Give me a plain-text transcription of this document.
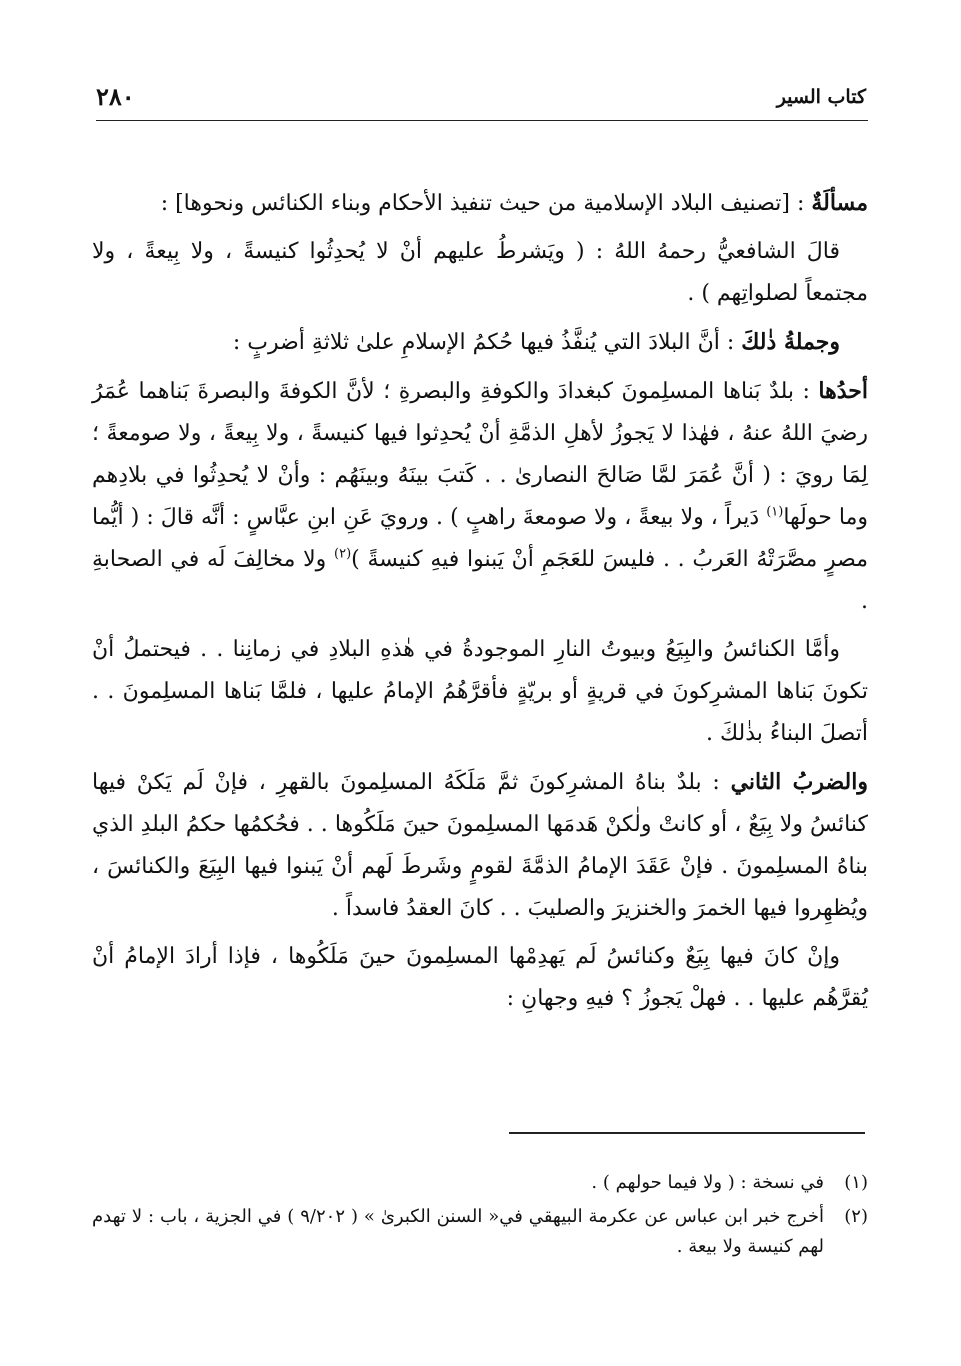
كتاب السير
٢٨٠

مسألَةٌ : [تصنيف البلاد الإسلامية من حيث تنفيذ الأحكام وبناء الكنائس ونحوها] :

قالَ الشافعيُّ رحمهُ اللهُ : ( ويَشرطُ عليهم أنْ لا يُحدِثُوا كنيسةً ، ولا بِيعةً ، ولا مجتمعاً لصلواتِهم ) .

وجملةُ ذٰلكَ : أنَّ البلادَ التي يُنفَّذُ فيها حُكمُ الإسلامِ علىٰ ثلاثةِ أضربٍ :

أحدُها : بلدٌ بَناها المسلِمونَ كبغدادَ والكوفةِ والبصرةِ ؛ لأنَّ الكوفةَ والبصرةَ بَناهما عُمَرُ رضيَ اللهُ عنهُ ، فهٰذا لا يَجوزُ لأهلِ الذمَّةِ أنْ يُحدِثوا فيها كنيسةً ، ولا بِيعةً ، ولا صومعةً ؛ لِمَا رويَ : ( أنَّ عُمَرَ لمَّا صَالحَ النصارىٰ . . كَتبَ بينَهُ وبينَهُم : وأنْ لا يُحدِثُوا في بلادِهم وما حولَها$^{(١)}$ دَيراً ، ولا بيعةً ، ولا صومعةَ راهبٍ ) . ورويَ عَنِ ابنِ عبَّاسٍ : أنَّه قالَ : ( أيُّما مصرٍ مصَّرَتْهُ العَربُ . . فليسَ للعَجَمِ أنْ يَبنوا فيهِ كنيسةً )$^{(٢)}$ ولا مخالِفَ لَه في الصحابةِ .

وأمَّا الكنائسُ والبِيَعُ وبيوتُ النارِ الموجودةُ في هٰذهِ البلادِ في زمانِنا . . فيحتملُ أنْ تكونَ بَناها المشرِكونَ في قريةٍ أو بريّةٍ فأقرَّهُمُ الإمامُ عليها ، فلمَّا بَناها المسلِمونَ . . أتصلَ البناءُ بذٰلكَ .

والضربُ الثاني : بلدٌ بناهُ المشرِكونَ ثمَّ مَلَكَهُ المسلِمونَ بالقهرِ ، فإنْ لَم يَكنْ فيها كنائسُ ولا بِيَعٌ ، أو كانتْ ولٰكنْ هَدمَها المسلِمونَ حينَ مَلَكُوها . . فحُكمُها حكمُ البلدِ الذي بناهُ المسلِمونَ . فإنْ عَقَدَ الإمامُ الذمَّةَ لقومٍ وشَرطَ لَهم أنْ يَبنوا فيها البِيَعَ والكنائسَ ، ويُظهِروا فيها الخمرَ والخنزيرَ والصليبَ . . كانَ العقدُ فاسداً .

وإنْ كانَ فيها بِيَعٌ وكنائسُ لَم يَهدِمْها المسلِمونَ حينَ مَلَكُوها ، فإذا أرادَ الإمامُ أنْ يُقرَّهُم عليها . . فهلْ يَجوزُ ؟ فيهِ وجهانِ :

(١)
في نسخة : ( ولا فيما حولهم ) .
(٢)
أخرج خبر ابن عباس عن عكرمة البيهقي في« السنن الكبرىٰ » ( ٩/٢٠٢ ) في الجزية ، باب : لا تهدم لهم كنيسة ولا بيعة .
